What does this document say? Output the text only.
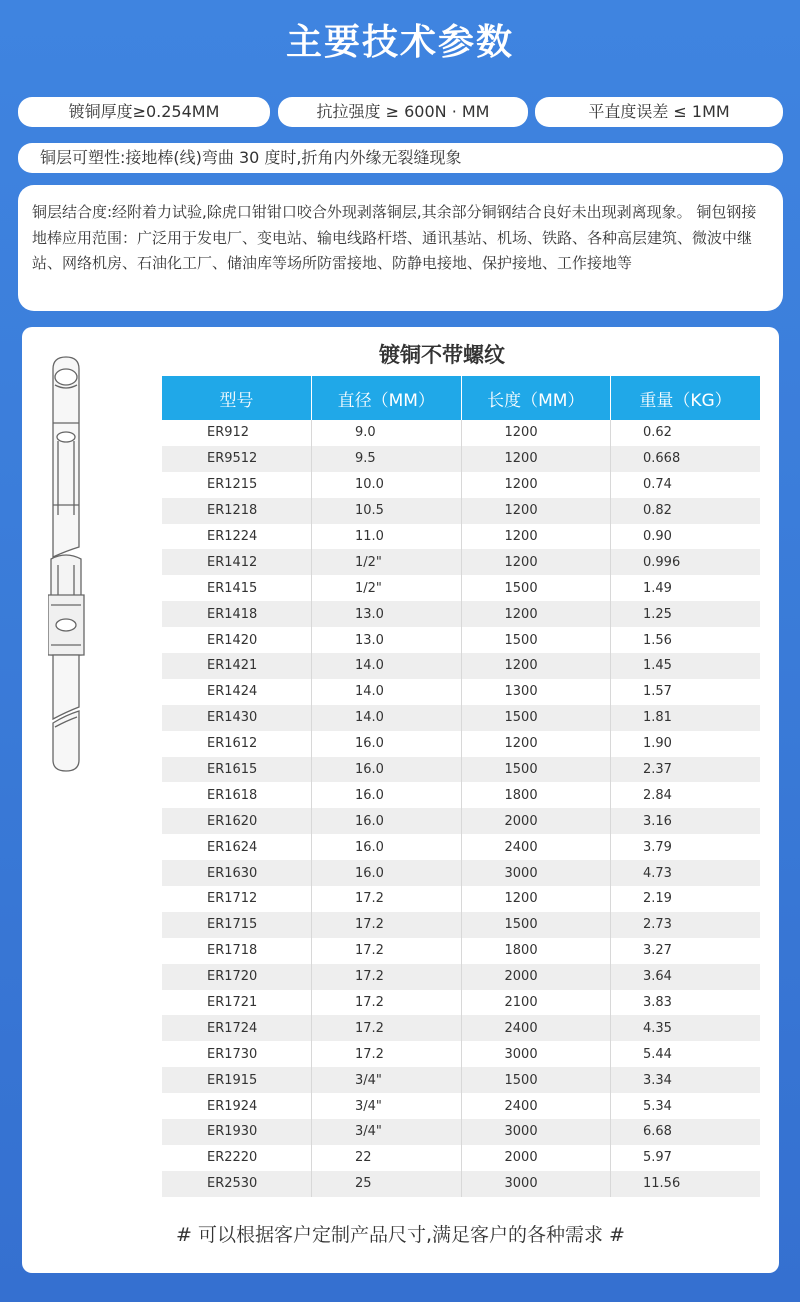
主要技术参数
镀铜厚度≥0.254MM	抗拉强度 ≥ 600N · MM	平直度误差 ≤ 1MM
铜层可塑性:接地棒(线)弯曲 30 度时,折角内外缘无裂缝现象

铜层结合度:经附着力试验,除虎口钳钳口咬合外现剥落铜层,其余部分铜钢结合良好未出现剥离现象。 铜包钢接地棒应用范围：广泛用于发电厂、变电站、输电线路杆塔、通讯基站、机场、铁路、各种高层建筑、微波中继站、网络机房、石油化工厂、储油库等场所防雷接地、防静电接地、保护接地、工作接地等

镀铜不带螺纹
型号	直径（MM）	长度（MM）	重量（KG）
ER912	9.0	1200	0.62
ER9512	9.5	1200	0.668
ER1215	10.0	1200	0.74
ER1218	10.5	1200	0.82
ER1224	11.0	1200	0.90
ER1412	1/2"	1200	0.996
ER1415	1/2"	1500	1.49
ER1418	13.0	1200	1.25
ER1420	13.0	1500	1.56
ER1421	14.0	1200	1.45
ER1424	14.0	1300	1.57
ER1430	14.0	1500	1.81
ER1612	16.0	1200	1.90
ER1615	16.0	1500	2.37
ER1618	16.0	1800	2.84
ER1620	16.0	2000	3.16
ER1624	16.0	2400	3.79
ER1630	16.0	3000	4.73
ER1712	17.2	1200	2.19
ER1715	17.2	1500	2.73
ER1718	17.2	1800	3.27
ER1720	17.2	2000	3.64
ER1721	17.2	2100	3.83
ER1724	17.2	2400	4.35
ER1730	17.2	3000	5.44
ER1915	3/4"	1500	3.34
ER1924	3/4"	2400	5.34
ER1930	3/4"	3000	6.68
ER2220	22	2000	5.97
ER2530	25	3000	11.56
# 可以根据客户定制产品尺寸,满足客户的各种需求 #
